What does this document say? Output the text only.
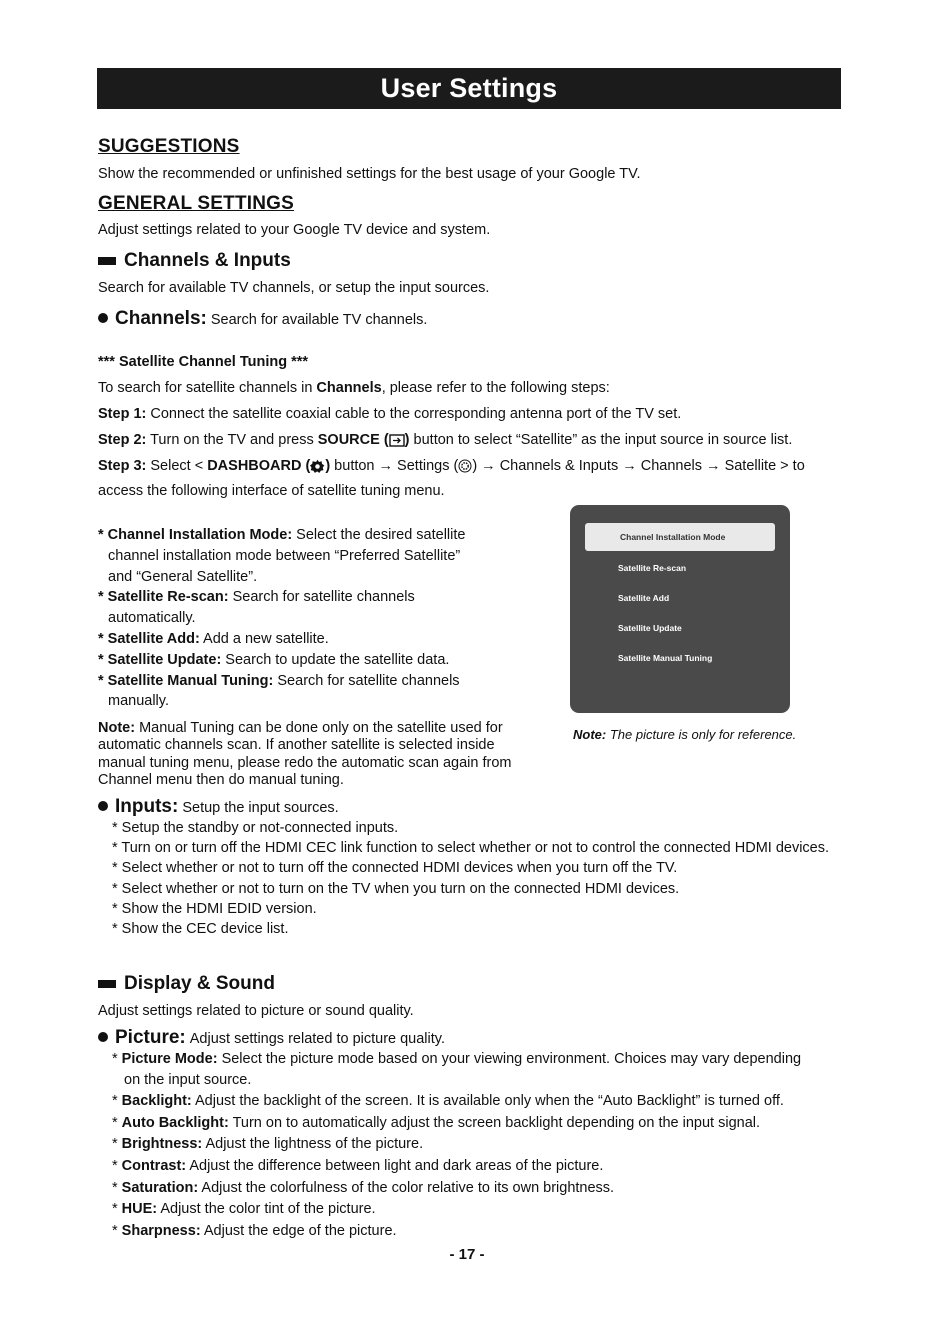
User Settings
SUGGESTIONS
Show the recommended or unfinished settings for the best usage of your Google TV.
GENERAL SETTINGS
Adjust settings related to your Google TV device and system.
Channels & Inputs
Search for available TV channels, or setup the input sources.
Channels: Search for available TV channels.
*** Satellite Channel Tuning ***
To search for satellite channels in Channels, please refer to the following steps:
Step 1: Connect the satellite coaxial cable to the corresponding antenna port of the TV set.
Step 2: Turn on the TV and press SOURCE ( ) button to select “Satellite” as the input source in source list.
Step 3: Select < DASHBOARD ( ) button → Settings ( ) → Channels & Inputs → Channels → Satellite > to
access the following interface of satellite tuning menu.
* Channel Installation Mode: Select the desired satellite
channel installation mode between “Preferred Satellite”
and “General Satellite”.
* Satellite Re-scan: Search for satellite channels
automatically.
* Satellite Add: Add a new satellite.
* Satellite Update: Search to update the satellite data.
* Satellite Manual Tuning: Search for satellite channels
manually.
Note: Manual Tuning can be done only on the satellite used for automatic channels scan. If another satellite is selected inside manual tuning menu, please redo the automatic scan again from Channel menu then do manual tuning.
Channel Installation Mode
Satellite Re-scan
Satellite Add
Satellite Update
Satellite Manual Tuning
Note: The picture is only for reference.
Inputs: Setup the input sources.
* Setup the standby or not-connected inputs.
* Turn on or turn off the HDMI CEC link function to select whether or not to control the connected HDMI devices.
* Select whether or not to turn off the connected HDMI devices when you turn off the TV.
* Select whether or not to turn on the TV when you turn on the connected HDMI devices.
* Show the HDMI EDID version.
* Show the CEC device list.
Display & Sound
Adjust settings related to picture or sound quality.
Picture: Adjust settings related to picture quality.
* Picture Mode: Select the picture mode based on your viewing environment. Choices may vary depending
on the input source.
* Backlight: Adjust the backlight of the screen. It is available only when the “Auto Backlight” is turned off.
* Auto Backlight: Turn on to automatically adjust the screen backlight depending on the input signal.
* Brightness: Adjust the lightness of the picture.
* Contrast: Adjust the difference between light and dark areas of the picture.
* Saturation: Adjust the colorfulness of the color relative to its own brightness.
* HUE: Adjust the color tint of the picture.
* Sharpness: Adjust the edge of the picture.
- 17 -
